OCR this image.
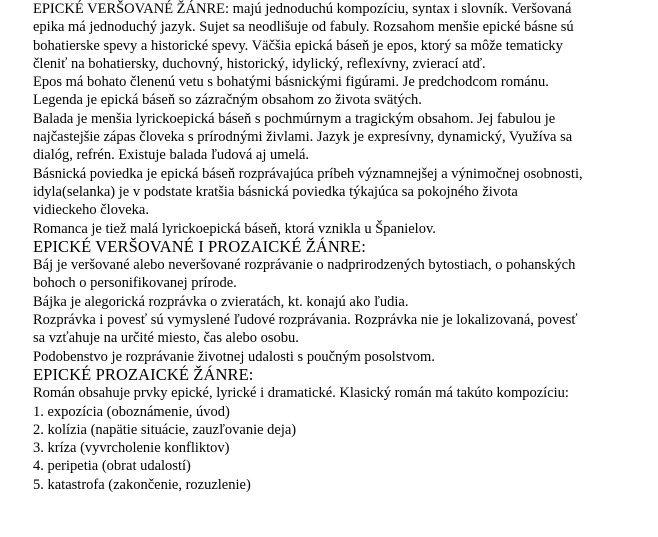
EPICKÉ VERŠOVANÉ ŽÁNRE: majú jednoduchú kompozíciu, syntax i slovník. Veršovaná

epika má jednoduchý jazyk. Sujet sa neodlišuje od fabuly. Rozsahom menšie epické básne sú
bohatierske spevy a historické spevy. Väčšia epická báseň je epos, ktorý sa môže tematicky
členiť na bohatiersky, duchovný, historický, idylický, reflexívny, zvierací atď.

Epos má bohato členenú vetu s bohatými básnickými figúrami. Je predchodcom románu.

Legenda je epická báseň so zázračným obsahom zo života svätých.

Balada je menšia lyrickoepická báseň s pochmúrnym a tragickým obsahom. Jej fabulou je
najčastejšie zápas človeka s prírodnými živlami. Jazyk je expresívny, dynamický, Využíva sa
dialóg, refrén. Existuje balada ľudová aj umelá.

Básnická poviedka je epická báseň rozprávajúca príbeh významnejšej a výnimočnej osobnosti,
idyla(selanka) je v podstate kratšia básnická poviedka týkajúca sa pokojného života
vidieckeho človeka.

Romanca je tiež malá lyrickoepická báseň, ktorá vznikla u Španielov.

EPICKÉ VERŠOVANÉ I PROZAICKÉ ŽÁNRE:

Báj je veršované alebo neveršované rozprávanie o nadprirodzených bytostiach, o pohanských
bohoch o personifikovanej prírode.

Bájka je alegorická rozprávka o zvieratách, kt. konajú ako ľudia.

Rozprávka i povesť sú vymyslené ľudové rozprávania. Rozprávka nie je lokalizovaná, povesť
sa vzťahuje na určité miesto, čas alebo osobu.

Podobenstvo je rozprávanie životnej udalosti s poučným posolstvom.

EPICKÉ PROZAICKÉ ŽÁNRE:

Román obsahuje prvky epické, lyrické i dramatické. Klasický román má takúto kompozíciu:

1. expozícia (oboznámenie, úvod)

2. kolízia (napätie situácie, zauzľovanie deja)

3. kríza (vyvrcholenie konfliktov)

4. peripetia (obrat udalostí)

5. katastrofa (zakončenie, rozuzlenie)
